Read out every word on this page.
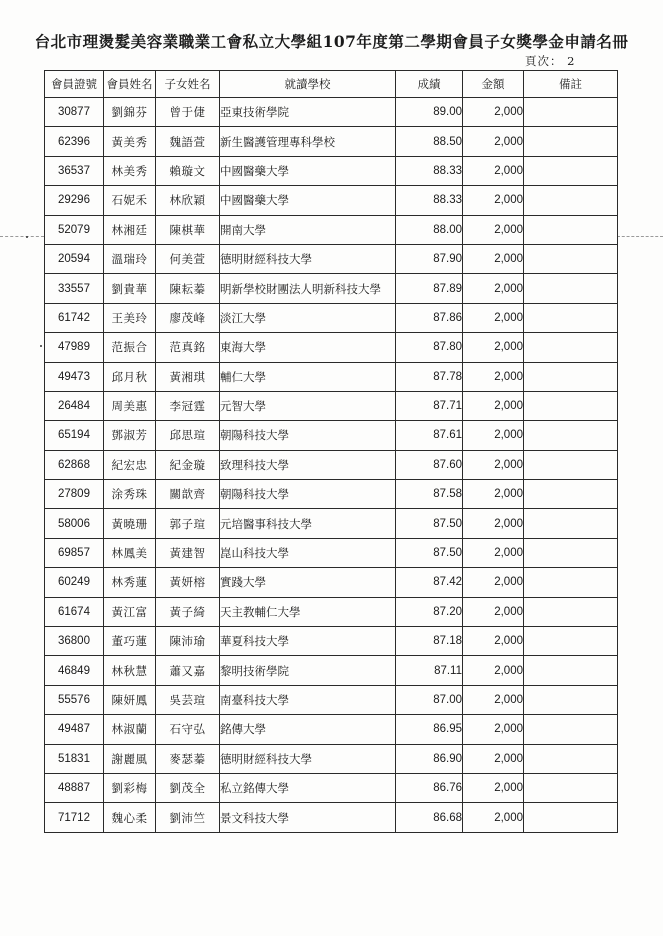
台北市理燙髮美容業職業工會私立大學組107年度第二學期會員子女獎學金申請名冊
頁次： 2
會員證號	會員姓名	子女姓名	就讀學校	成績	金額	備註
30877	劉錦芬	曾于倢	亞東技術學院	89.00	2,000	
62396	黃美秀	魏語萱	新生醫護管理專科學校	88.50	2,000	
36537	林美秀	賴璇文	中國醫藥大學	88.33	2,000	
29296	石妮禾	林欣穎	中國醫藥大學	88.33	2,000	
52079	林湘廷	陳棋華	開南大學	88.00	2,000	
20594	溫瑞玲	何美萱	德明財經科技大學	87.90	2,000	
33557	劉貴華	陳耘蓁	明新學校財團法人明新科技大學	87.89	2,000	
61742	王美玲	廖茂峰	淡江大學	87.86	2,000	
47989	范振合	范真銘	東海大學	87.80	2,000	
49473	邱月秋	黃湘琪	輔仁大學	87.78	2,000	
26484	周美惠	李冠霆	元智大學	87.71	2,000	
65194	鄧淑芳	邱思瑄	朝陽科技大學	87.61	2,000	
62868	紀宏忠	紀金璇	致理科技大學	87.60	2,000	
27809	涂秀珠	關歆齊	朝陽科技大學	87.58	2,000	
58006	黃曉珊	郭子瑄	元培醫事科技大學	87.50	2,000	
69857	林鳳美	黃建智	崑山科技大學	87.50	2,000	
60249	林秀蓮	黃妍榕	實踐大學	87.42	2,000	
61674	黃江富	黃子綺	天主教輔仁大學	87.20	2,000	
36800	董巧蓮	陳沛瑜	華夏科技大學	87.18	2,000	
46849	林秋慧	蕭又嘉	黎明技術學院	87.11	2,000	
55576	陳妍鳳	吳芸瑄	南臺科技大學	87.00	2,000	
49487	林淑蘭	石守弘	銘傳大學	86.95	2,000	
51831	謝麗風	麥瑟蓁	德明財經科技大學	86.90	2,000	
48887	劉彩梅	劉茂全	私立銘傳大學	86.76	2,000	
71712	魏心柔	劉沛竺	景文科技大學	86.68	2,000	
